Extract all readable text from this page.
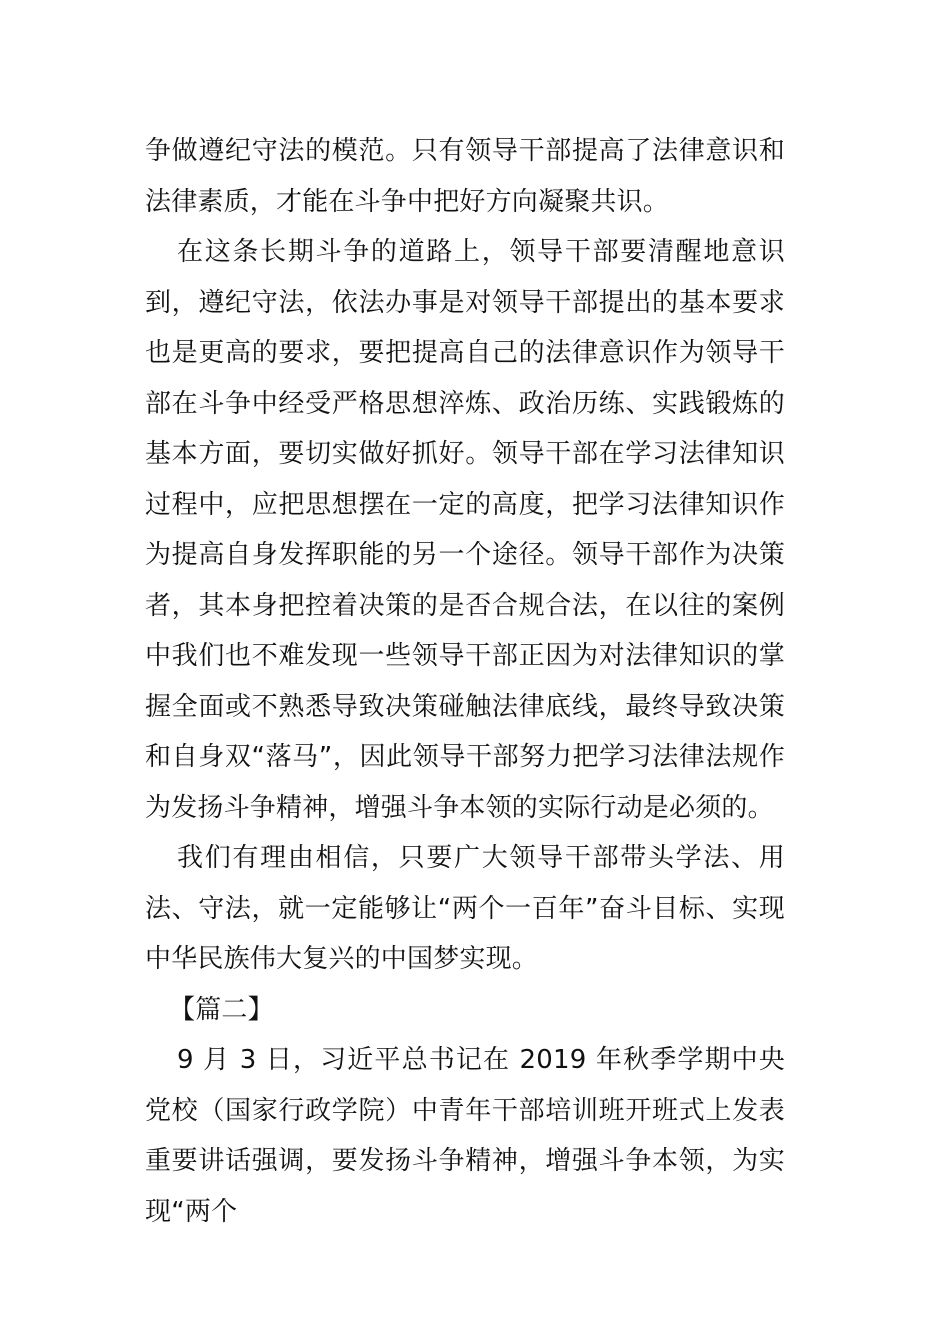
争做遵纪守法的模范。只有领导干部提高了法律意识和法律素质，才能在斗争中把好方向凝聚共识。

在这条长期斗争的道路上，领导干部要清醒地意识到，遵纪守法，依法办事是对领导干部提出的基本要求也是更高的要求，要把提高自己的法律意识作为领导干部在斗争中经受严格思想淬炼、政治历练、实践锻炼的基本方面，要切实做好抓好。领导干部在学习法律知识过程中，应把思想摆在一定的高度，把学习法律知识作为提高自身发挥职能的另一个途径。领导干部作为决策者，其本身把控着决策的是否合规合法，在以往的案例中我们也不难发现一些领导干部正因为对法律知识的掌握全面或不熟悉导致决策碰触法律底线，最终导致决策和自身双“落马”，因此领导干部努力把学习法律法规作为发扬斗争精神，增强斗争本领的实际行动是必须的。

我们有理由相信，只要广大领导干部带头学法、用法、守法，就一定能够让“两个一百年”奋斗目标、实现中华民族伟大复兴的中国梦实现。

【篇二】

9 月 3 日，习近平总书记在 2019 年秋季学期中央党校（国家行政学院）中青年干部培训班开班式上发表重要讲话强调，要发扬斗争精神，增强斗争本领，为实现“两个
